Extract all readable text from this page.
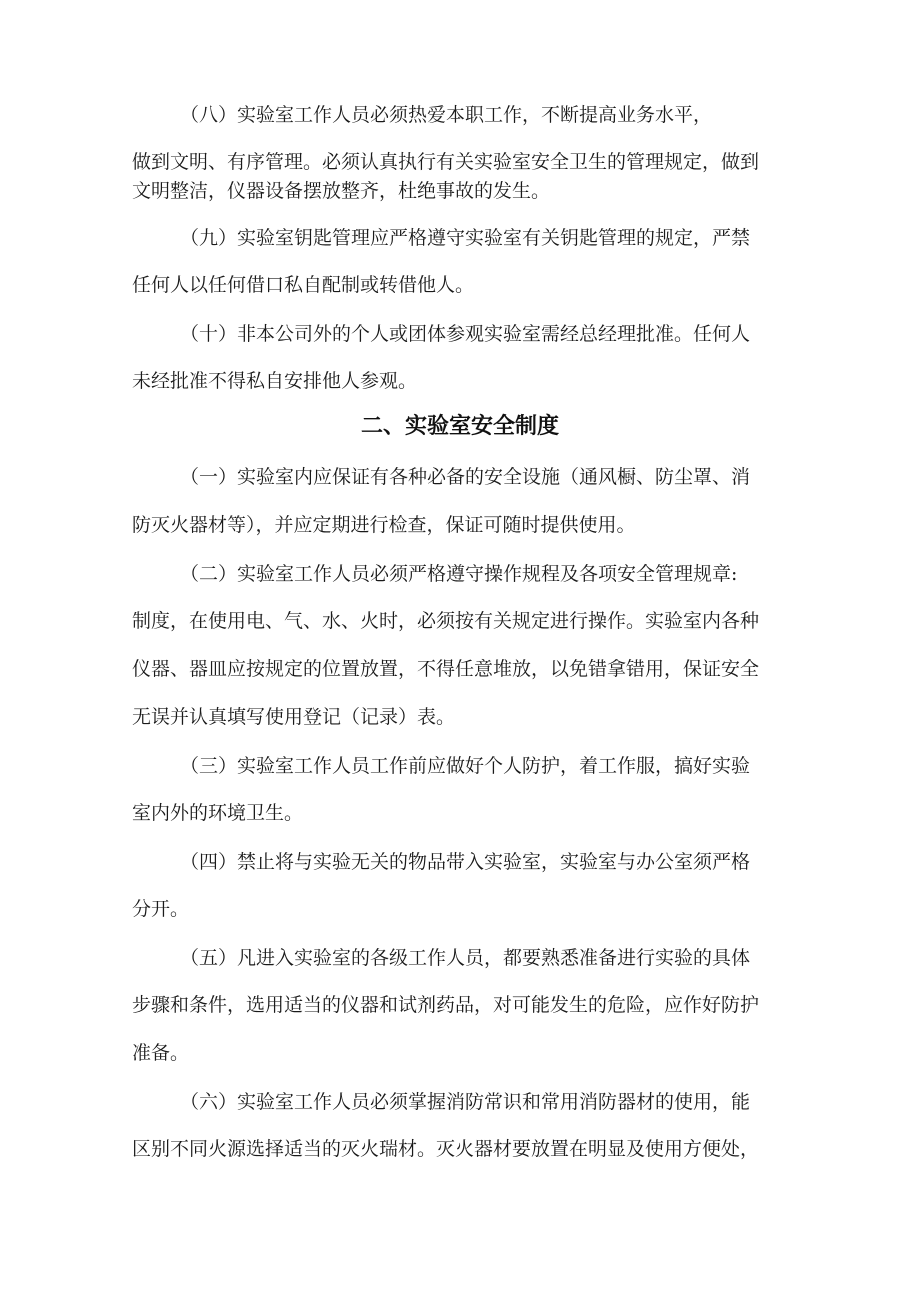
（八）实验室工作人员必须热爱本职工作，不断提高业务水平，
做到文明、有序管理。必须认真执行有关实验室安全卫生的管理规定，做到
文明整洁，仪器设备摆放整齐，杜绝事故的发生。
（九）实验室钥匙管理应严格遵守实验室有关钥匙管理的规定，严禁
任何人以任何借口私自配制或转借他人。
（十）非本公司外的个人或团体参观实验室需经总经理批准。任何人
未经批准不得私自安排他人参观。
二、实验室安全制度
（一）实验室内应保证有各种必备的安全设施（通风橱、防尘罩、消
防灭火器材等），并应定期进行检查，保证可随时提供使用。
（二）实验室工作人员必须严格遵守操作规程及各项安全管理规章:
制度，在使用电、气、水、火时，必须按有关规定进行操作。实验室内各种
仪器、器皿应按规定的位置放置，不得任意堆放，以免错拿错用，保证安全
无误并认真填写使用登记（记录）表。
（三）实验室工作人员工作前应做好个人防护，着工作服，搞好实验
室内外的环境卫生。
（四）禁止将与实验无关的物品带入实验室，实验室与办公室须严格
分开。
（五）凡进入实验室的各级工作人员，都要熟悉准备进行实验的具体
步骤和条件，选用适当的仪器和试剂药品，对可能发生的危险，应作好防护
准备。
（六）实验室工作人员必须掌握消防常识和常用消防器材的使用，能
区别不同火源选择适当的灭火瑞材。灭火器材要放置在明显及使用方便处，
